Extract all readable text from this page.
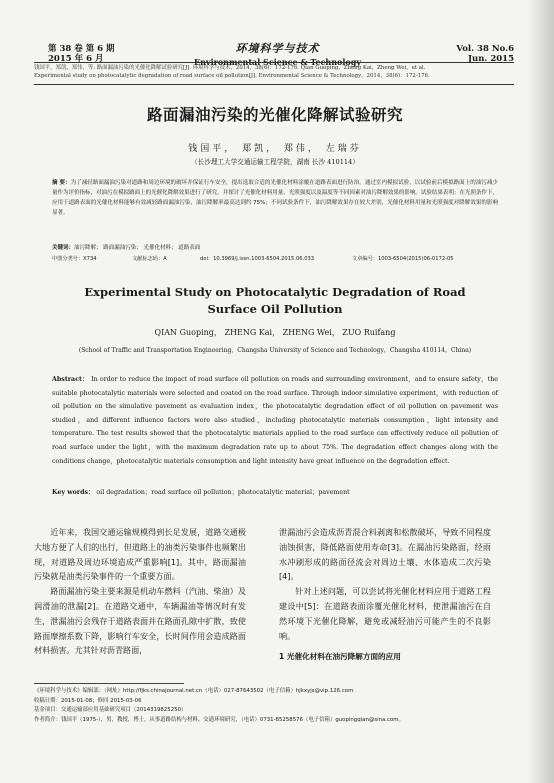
第 38 卷 第 6 期
2015 年 6 月
环境科学与技术
Environmental Science & Technology
Vol. 38 No.6
Jun. 2015
钱国平，郑凯，郑伟，等. 路面漏油污染的光催化降解试验研究[J]. 环境科学与技术，2014，38(6)：172-176. Qian Guoping，Zheng Kai，Zheng Wei，et al.
Experimental study on photocatalytic degradation of road surface oil pollution[J]. Environmental Science & Technology，2014，38(6)：172-176.
路面漏油污染的光催化降解试验研究
钱国平， 郑凯， 郑伟， 左瑞芬
（长沙理工大学交通运输工程学院，湖南 长沙 410114）
摘 要：为了减轻路面漏油污染对道路和周边环境的破坏并保证行车安全，提出选取合适的光催化材料涂覆在道路表面进行防治。通过室内模拟试验，以试验前后模拟路面上的油污减少量作为评价指标，对油污在模拟路面上的光催化降解效果进行了研究，并探讨了光催化材料用量、光照强度以及温度等不同因素对油污降解效果的影响。试验结果表明：在光照条件下，应用于道路表面的光催化材料能够有效减轻路面漏油污染，油污降解率最高达到约 75%；不同试验条件下，油污降解效果存在较大差别，光催化材料用量和光照强度对降解效果的影响显著。
关键词：油污降解； 路面漏油污染； 光催化材料； 道路表面
中图分类号：X734	文献标志码：A	doi：10.3969/j.issn.1003-6504.2015.06.033	文章编号：1003-6504(2015)06-0172-05
Experimental Study on Photocatalytic Degradation of Road Surface Oil Pollution
QIAN Guoping， ZHENG Kai， ZHENG Wei， ZUO Ruifang
(School of Traffic and Transportation Engineering，Changsha University of Science and Technology，Changsha 410114，China)
Abstract： In order to reduce the impact of road surface oil pollution on roads and surrounding environment，and to ensure safety，the suitable photocatalytic materials were selected and coated on the road surface. Through indoor simulative experiment，with reduction of oil pollution on the simulative pavement as evaluation index，the photocatalytic degradation effect of oil pollution on pavement was studied，and different influence factors were also studied，including photocatalytic materials consumption，light intensity and temperature. The test results showed that the photocatalytic materials applied to the road surface can effectively reduce oil pollution of road surface under the light，with the maximum degradation rate up to about 75%. The degradation effect changes along with the conditions change，photocatalytic materials consumption and light intensity have great influence on the degradation effect.
Key words： oil degradation；road surface oil pollution；photocatalytic material；pavement

近年来，我国交通运输规模得到长足发展，道路交通极大地方便了人们的出行，但道路上的油类污染事件也频繁出现，对道路及周边环境造成严重影响[1]。其中，路面漏油污染就是油类污染事件的一个重要方面。

路面漏油污染主要来源是机动车燃料（汽油、柴油）及润滑油的泄漏[2]。在道路交通中，车辆漏油等情况时有发生，泄漏油污会残存于道路表面并在路面孔隙中扩散，致使路面摩擦系数下降，影响行车安全，长时间作用会造成路面材料损害。尤其针对沥青路面，

泄漏油污会造成沥青混合料剥离和松散破坏，导致不同程度油蚀损害，降低路面使用寿命[3]。在漏油污染路面，经雨水冲刷形成的路面径流会对周边土壤、水体造成二次污染[4]。

针对上述问题，可以尝试将光催化材料应用于道路工程建设中[5]：在道路表面涂覆光催化材料，使泄漏油污在自然环境下光催化降解，避免或减轻油污可能产生的不良影响。

1 光催化材料在油污降解方面的应用
《环境科学与技术》编辑部：（网址）http://fjks.chinajournal.net.cn（电话）027-87643502（电子信箱）hjkxyjs@vip.126.com
收稿日期：2015-01-08；修回 2015-03-06
基金项目：交通运输部应用基础研究项目（2014319825250）
作者简介：钱国平（1975-），男，教授，博士，从事道路结构与材料、交通环境研究，（电话）0731-85258576（电子信箱）guopingqian@sina.com。
